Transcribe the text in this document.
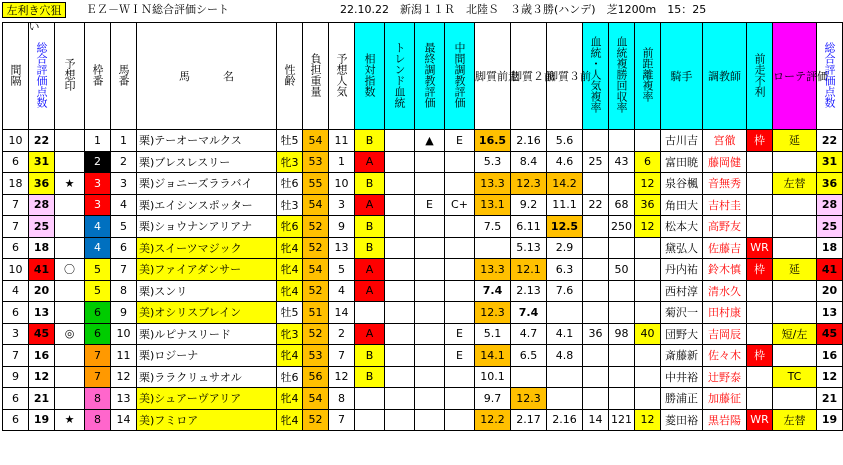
左利き穴狙い
ＥＺ－ＷＩＮ総合評価シート	22.10.22　新潟１１Ｒ　北陸Ｓ　３歳３勝(ハンデ)　芝1200m　15：25
間隔	総合評価点数	予想印	枠番	馬番	馬　　　名	性齢	負担重量	予想人気	相対指数	トレンド血統	最終調教評価	中間調教評価	脚質前走	脚質２前	脚質３前	血統・人気複率	血統複勝回収率	前距離複率	騎手	調教師	前走不利	ローテ評価	総合評価点数
10	22		1	1	栗)テーオーマルクス	牡5	54	11	B		▲	E	16.5	2.16	5.6				古川吉	宮徹	枠	延	22
6	31		2	2	栗)ブレスレスリー	牝3	53	1	A				5.3	8.4	4.6	25	43	6	富田暁	藤岡健			31
18	36	★	3	3	栗)ジョニーズララバイ	牡6	55	10	B				13.3	12.3	14.2			12	泉谷楓	音無秀		左替	36
7	28		3	4	栗)エイシンスポッター	牡3	54	3	A		E	C+	13.1	9.2	11.1	22	68	36	角田大	吉村圭			28
7	25		4	5	栗)ショウナンアリアナ	牝6	52	9	B				7.5	6.11	12.5		250	12	松本大	高野友			25
6	18		4	6	美)スイーツマジック	牝4	52	13	B					5.13	2.9				黛弘人	佐藤吉	WR		18
10	41	〇	5	7	美)ファイアダンサー	牝4	54	5	A				13.3	12.1	6.3		50		丹内祐	鈴木慎	枠	延	41
4	20		5	8	栗)スンリ	牝4	52	4	A				7.4	2.13	7.6				西村淳	清水久			20
6	13		6	9	美)オシリスブレイン	牡5	51	14					12.3	7.4					菊沢一	田村康			13
3	45	◎	6	10	栗)ルピナスリード	牝3	52	2	A			E	5.1	4.7	4.1	36	98	40	団野大	吉岡辰		短/左	45
7	16		7	11	栗)ロジーナ	牝4	53	7	B			E	14.1	6.5	4.8				斎藤新	佐々木	枠		16
9	12		7	12	栗)ララクリュサオル	牡6	56	12	B				10.1						中井裕	辻野泰		TC	12
6	21		8	13	美)シュアーヴアリア	牝4	54	8					9.7	12.3					勝浦正	加藤征			21
6	19	★	8	14	美)フミロア	牝4	52	7					12.2	2.17	2.16	14	121	12	菱田裕	黒岩陽	WR	左替	19
